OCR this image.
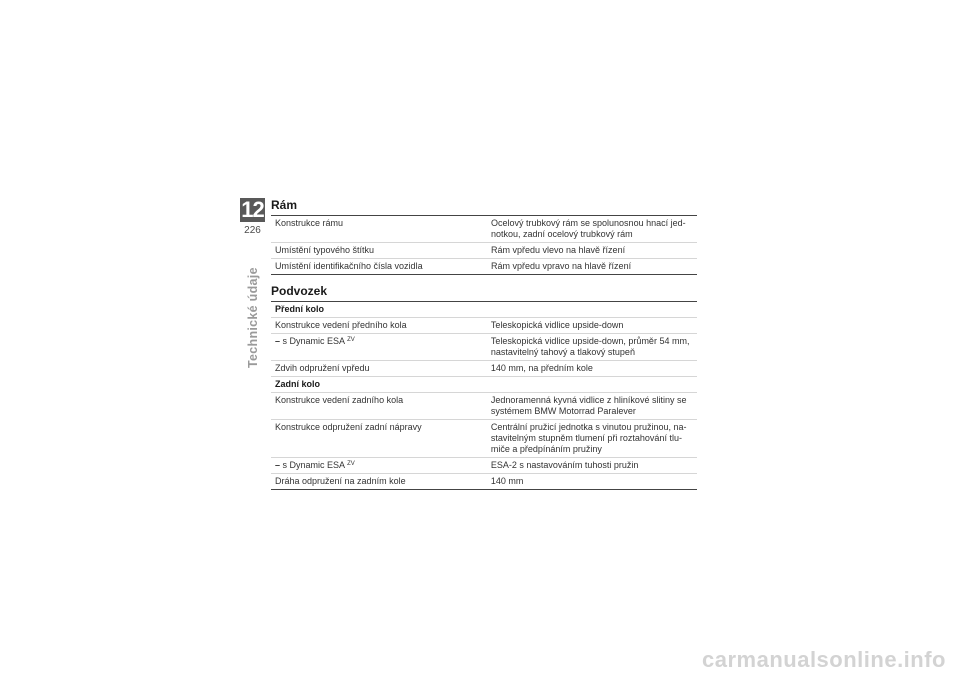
12
226
Technické údaje
Rám
Konstrukce rámu	Ocelový trubkový rám se spolunosnou hnací jed-notkou, zadní ocelový trubkový rám
Umístění typového štítku	Rám vpředu vlevo na hlavě řízení
Umístění identifikačního čísla vozidla	Rám vpředu vpravo na hlavě řízení
Podvozek
Přední kolo	
Konstrukce vedení předního kola	Teleskopická vidlice upside-down
– s Dynamic ESA $^{ZV}$	Teleskopická vidlice upside-down, průměr 54 mm, nastavitelný tahový a tlakový stupeň
Zdvih odpružení vpředu	140 mm, na předním kole
Zadní kolo	
Konstrukce vedení zadního kola	Jednoramenná kyvná vidlice z hliníkové slitiny se systémem BMW Motorrad Paralever
Konstrukce odpružení zadní nápravy	Centrální pružicí jednotka s vinutou pružinou, na-stavitelným stupněm tlumení při roztahování tlu-miče a předpínáním pružiny
– s Dynamic ESA $^{ZV}$	ESA-2 s nastavováním tuhosti pružin
Dráha odpružení na zadním kole	140 mm
carmanualsonline.info
